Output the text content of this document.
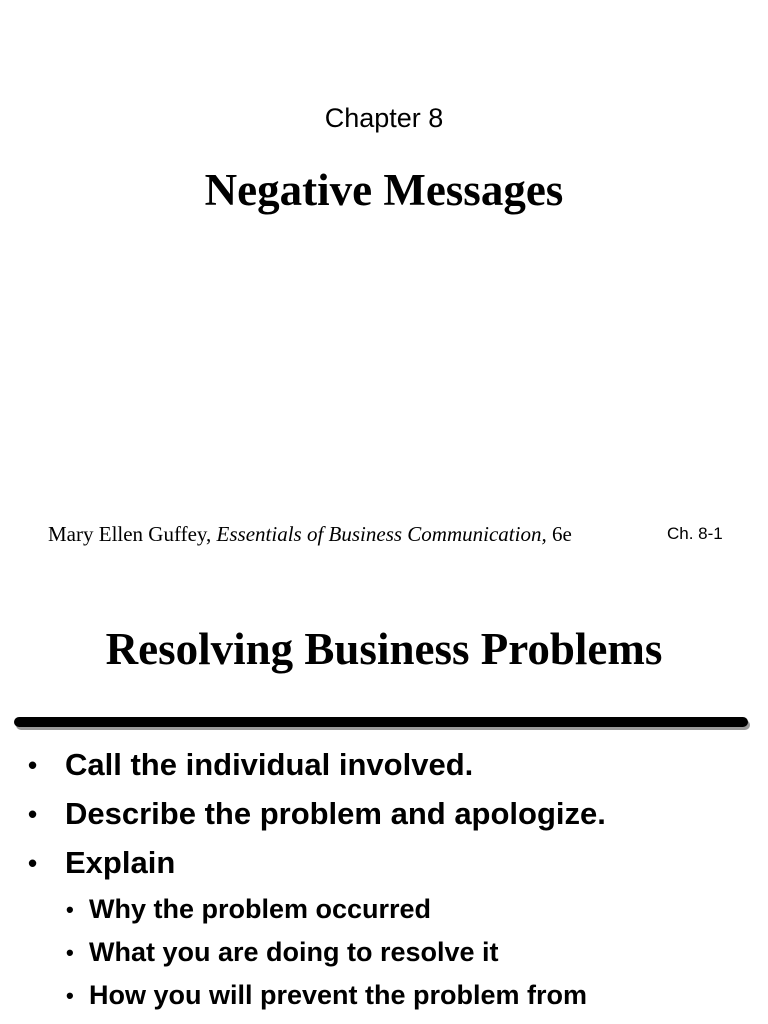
Chapter 8
Negative Messages
Mary Ellen Guffey, Essentials of Business Communication, 6e	Ch. 8-1
Resolving Business Problems
• Call the individual involved.
• Describe the problem and apologize.
• Explain
• Why the problem occurred
• What you are doing to resolve it
• How you will prevent the problem from
